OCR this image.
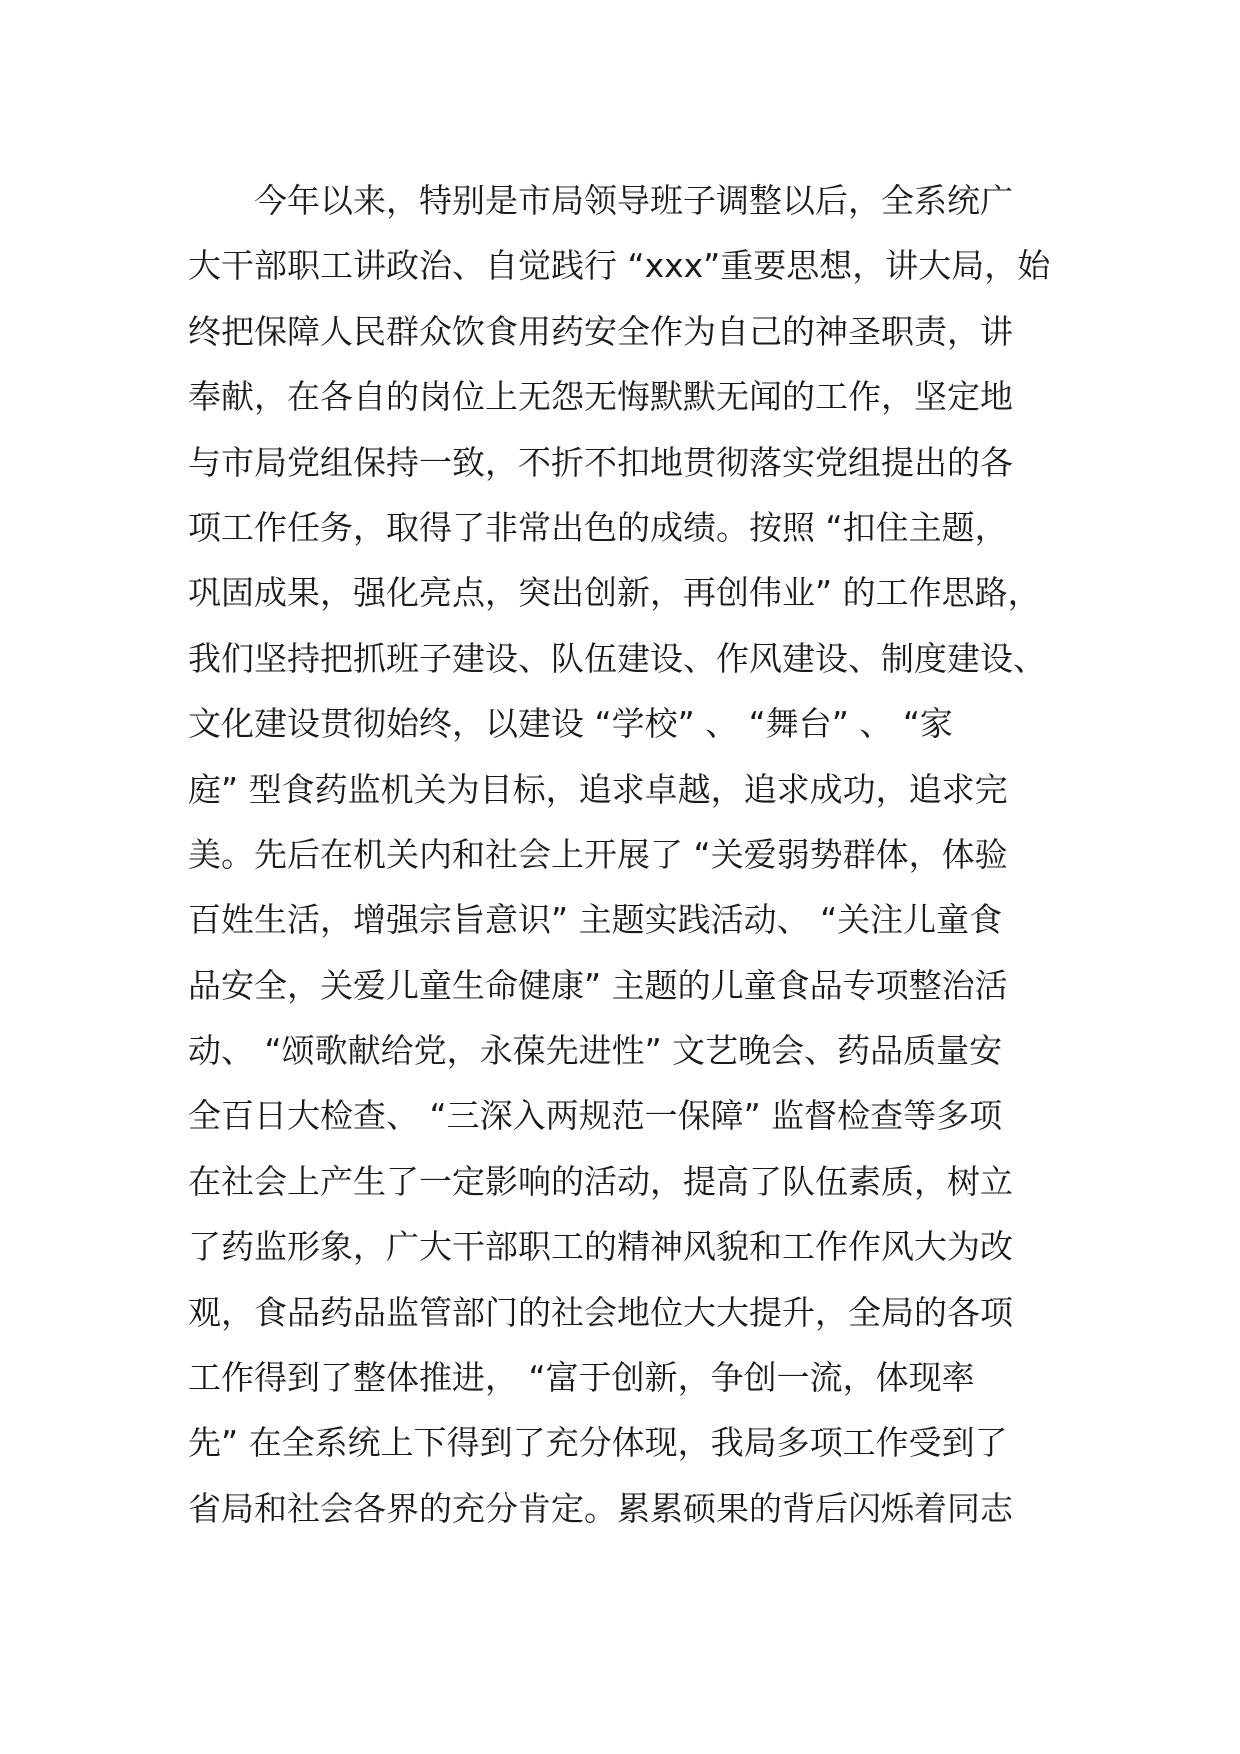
今年以来，特别是市局领导班子调整以后，全系统广
大干部职工讲政治、自觉践行 “xxx”重要思想，讲大局，始
终把保障人民群众饮食用药安全作为自己的神圣职责，讲
奉献，在各自的岗位上无怨无悔默默无闻的工作，坚定地
与市局党组保持一致，不折不扣地贯彻落实党组提出的各
项工作任务，取得了非常出色的成绩。按照 “扣住主题，
巩固成果，强化亮点，突出创新，再创伟业” 的工作思路，
我们坚持把抓班子建设、队伍建设、作风建设、制度建设、
文化建设贯彻始终，以建设 “学校” 、 “舞台” 、 “家
庭” 型食药监机关为目标，追求卓越，追求成功，追求完
美。先后在机关内和社会上开展了 “关爱弱势群体，体验
百姓生活，增强宗旨意识” 主题实践活动、 “关注儿童食
品安全，关爱儿童生命健康” 主题的儿童食品专项整治活
动、 “颂歌献给党，永葆先进性” 文艺晚会、药品质量安
全百日大检查、 “三深入两规范一保障” 监督检查等多项
在社会上产生了一定影响的活动，提高了队伍素质，树立
了药监形象，广大干部职工的精神风貌和工作作风大为改
观，食品药品监管部门的社会地位大大提升，全局的各项
工作得到了整体推进， “富于创新，争创一流，体现率
先” 在全系统上下得到了充分体现，我局多项工作受到了
省局和社会各界的充分肯定。累累硕果的背后闪烁着同志
